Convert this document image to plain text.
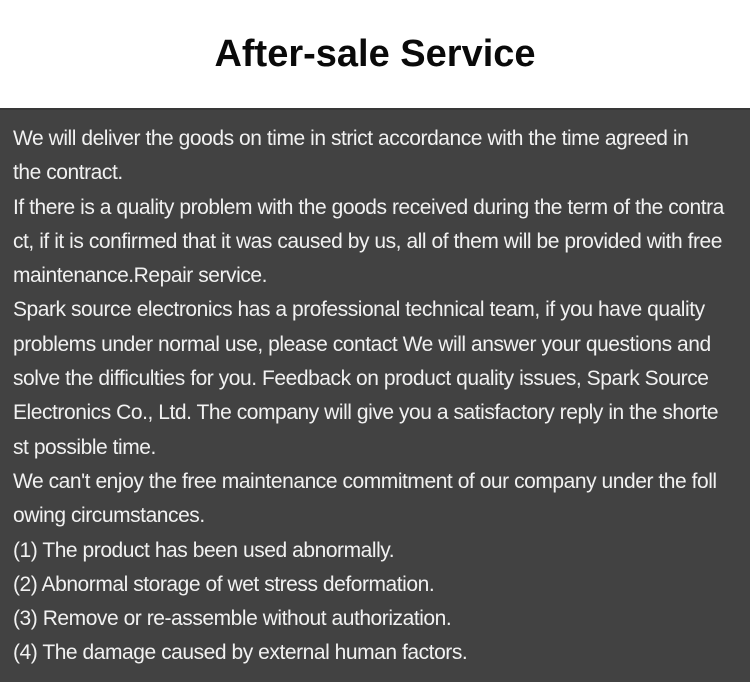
After-sale Service
We will deliver the goods on time in strict accordance with the time agreed in
the contract.
If there is a quality problem with the goods received during the term of the contra
ct, if it is confirmed that it was caused by us, all of them will be provided with free
maintenance.Repair service.
Spark source electronics has a professional technical team, if you have quality
problems under normal use, please contact We will answer your questions and
solve the difficulties for you. Feedback on product quality issues, Spark Source
Electronics Co., Ltd. The company will give you a satisfactory reply in the shorte
st possible time.
We can't enjoy the free maintenance commitment of our company under the foll
owing circumstances.
(1) The product has been used abnormally.
(2) Abnormal storage of wet stress deformation.
(3) Remove or re-assemble without authorization.
(4) The damage caused by external human factors.
